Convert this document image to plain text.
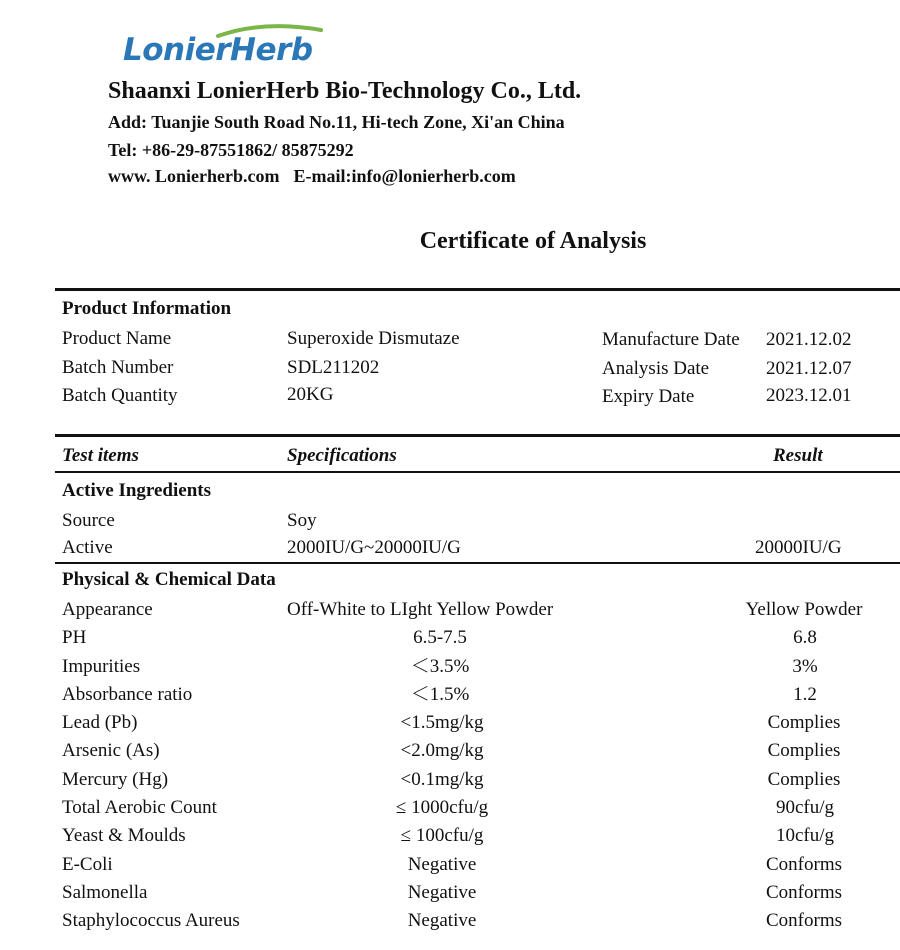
LonierHerb
Shaanxi LonierHerb Bio-Technology Co., Ltd.
Add: Tuanjie South Road No.11, Hi-tech Zone, Xi'an China
Tel: +86-29-87551862/ 85875292
www. Lonierherb.com E-mail:info@lonierherb.com
Certificate of Analysis
Product Information
Product Name	Superoxide Dismutaze	Manufacture Date 2021.12.02
Batch Number	SDL211202	Analysis Date	2021.12.07
Batch Quantity	20KG	Expiry Date	2023.12.01
Test items	Specifications	Result
Active Ingredients
Source	Soy
Active	2000IU/G~20000IU/G	20000IU/G
Physical & Chemical Data
Appearance	Off-White to LIght Yellow Powder	Yellow Powder
PH	6.5-7.5	6.8
Impurities	＜3.5%	3%
Absorbance ratio	＜1.5%	1.2
Lead (Pb)	<1.5mg/kg	Complies
Arsenic (As)	<2.0mg/kg	Complies
Mercury (Hg)	<0.1mg/kg	Complies
Total Aerobic Count	≤ 1000cfu/g	90cfu/g
Yeast & Moulds	≤ 100cfu/g	10cfu/g
E-Coli	Negative	Conforms
Salmonella	Negative	Conforms
Staphylococcus Aureus	Negative	Conforms
